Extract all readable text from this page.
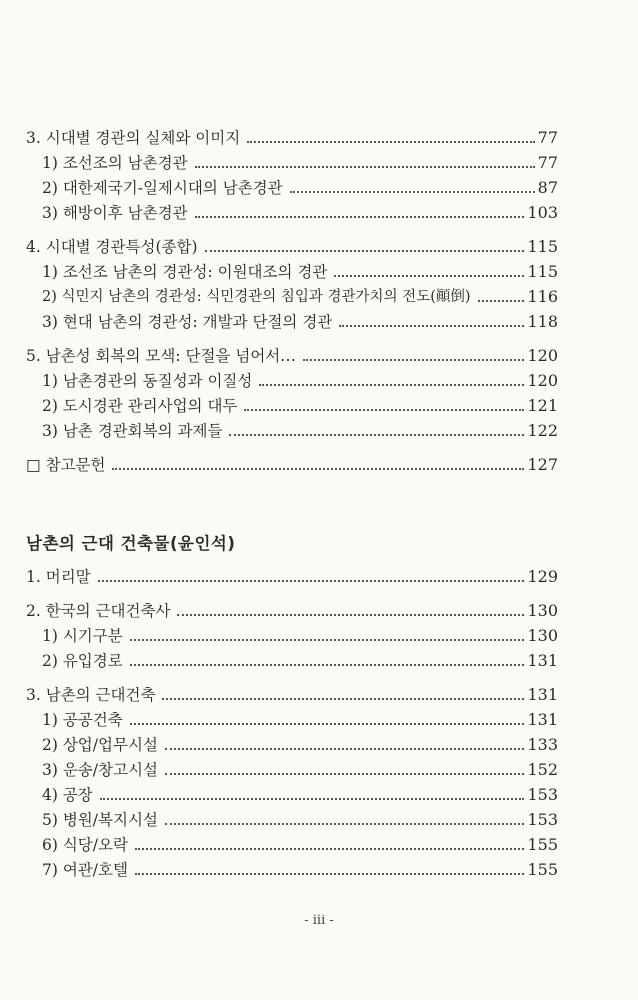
3. 시대별 경관의 실체와 이미지	77
1) 조선조의 남촌경관	77
2) 대한제국기-일제시대의 남촌경관	87
3) 해방이후 남촌경관	103
4. 시대별 경관특성(종합)	115
1) 조선조 남촌의 경관성: 이원대조의 경관	115
2) 식민지 남촌의 경관성: 식민경관의 침입과 경관가치의 전도(顚倒)	116
3) 현대 남촌의 경관성: 개발과 단절의 경관	118
5. 남촌성 회복의 모색: 단절을 넘어서…	120
1) 남촌경관의 동질성과 이질성	120
2) 도시경관 관리사업의 대두	121
3) 남촌 경관회복의 과제들	122
□ 참고문헌	127
남촌의 근대 건축물(윤인석)
1. 머리말	129
2. 한국의 근대건축사	130
1) 시기구분	130
2) 유입경로	131
3. 남촌의 근대건축	131
1) 공공건축	131
2) 상업/업무시설	133
3) 운송/창고시설	152
4) 공장	153
5) 병원/복지시설	153
6) 식당/오락	155
7) 여관/호텔	155
- iii -
